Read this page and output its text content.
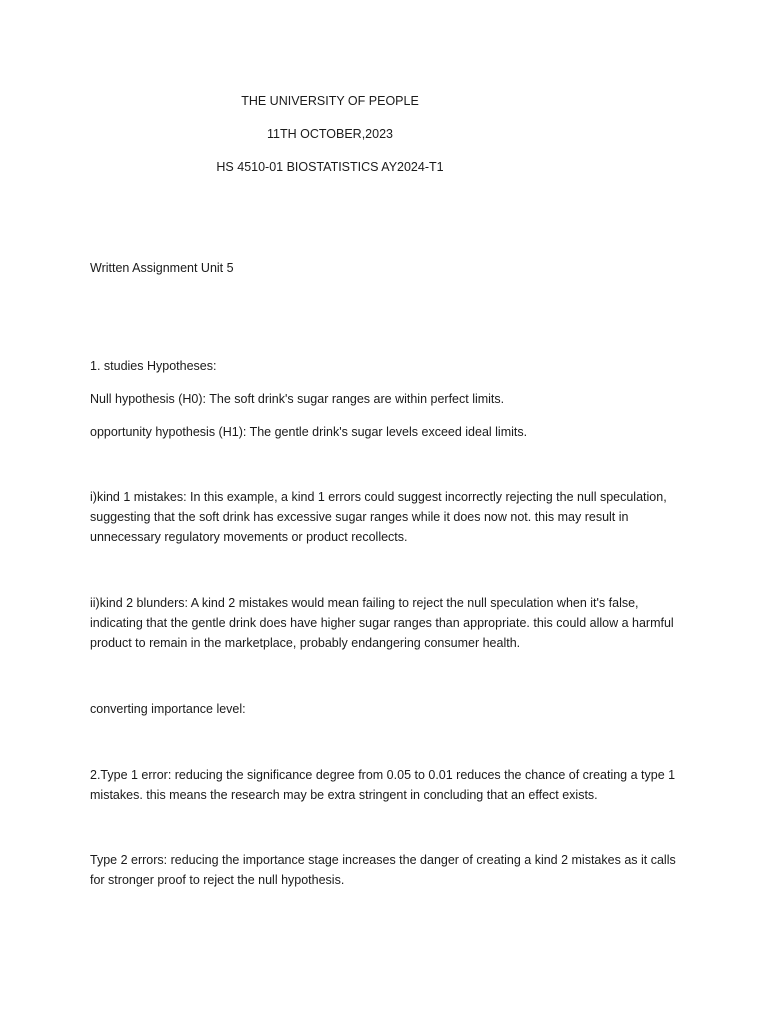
THE UNIVERSITY OF PEOPLE
11TH OCTOBER,2023
HS 4510-01 BIOSTATISTICS AY2024-T1

Written Assignment Unit 5

1. studies Hypotheses:

Null hypothesis (H0): The soft drink's sugar ranges are within perfect limits.

opportunity hypothesis (H1): The gentle drink's sugar levels exceed ideal limits.

i)kind 1 mistakes: In this example, a kind 1 errors could suggest incorrectly rejecting the null speculation, suggesting that the soft drink has excessive sugar ranges while it does now not. this may result in unnecessary regulatory movements or product recollects.

ii)kind 2 blunders: A kind 2 mistakes would mean failing to reject the null speculation when it's false, indicating that the gentle drink does have higher sugar ranges than appropriate. this could allow a harmful product to remain in the marketplace, probably endangering consumer health.

converting importance level:

2.Type 1 error: reducing the significance degree from 0.05 to 0.01 reduces the chance of creating a type 1 mistakes. this means the research may be extra stringent in concluding that an effect exists.

Type 2 errors: reducing the importance stage increases the danger of creating a kind 2 mistakes as it calls for stronger proof to reject the null hypothesis.
